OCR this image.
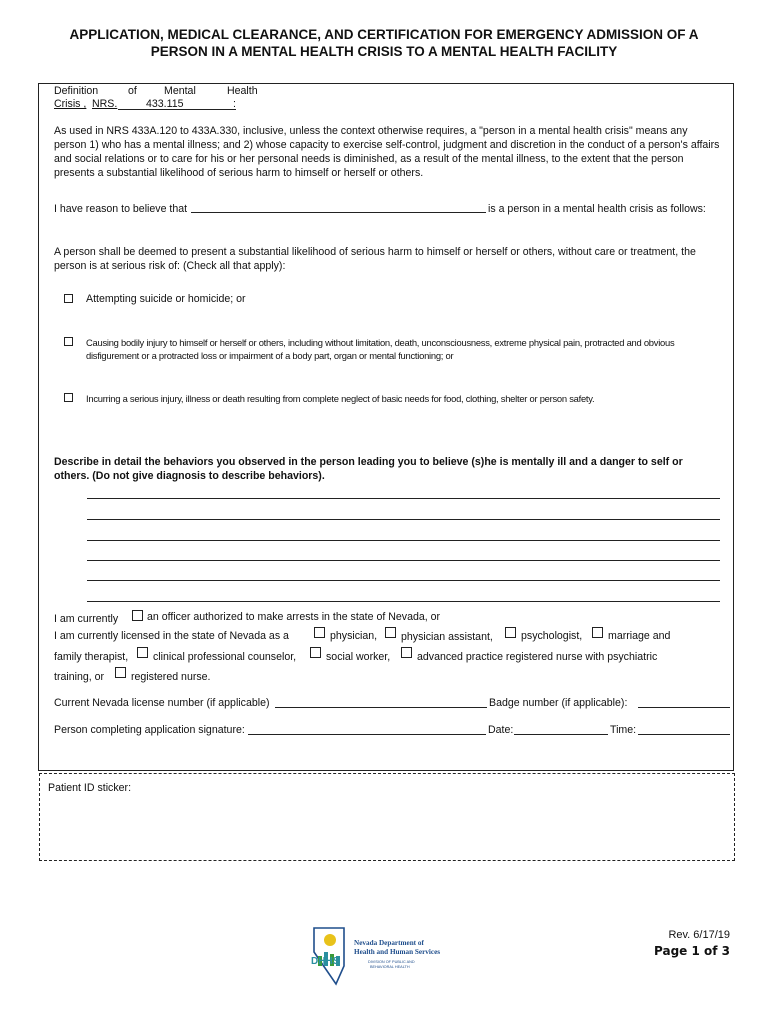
APPLICATION, MEDICAL CLEARANCE, AND CERTIFICATION FOR EMERGENCY ADMISSION OF A
PERSON IN A MENTAL HEALTH CRISIS TO A MENTAL HEALTH FACILITY
Definition	of	Mental	Health
Crisis , NRS.	433.115	:
As used in NRS 433A.120 to 433A.330, inclusive, unless the context otherwise requires, a "person in a mental health crisis" means any person 1) who has a mental illness; and 2) whose capacity to exercise self-control, judgment and discretion in the conduct of a person's affairs and social relations or to care for his or her personal needs is diminished, as a result of the mental illness, to the extent that the person presents a substantial likelihood of serious harm to himself or herself or others.
I have reason to believe that	is a person in a mental health crisis as follows:
A person shall be deemed to present a substantial likelihood of serious harm to himself or herself or others, without care or treatment, the person is at serious risk of: (Check all that apply):
Attempting suicide or homicide; or
Causing bodily injury to himself or herself or others, including without limitation, death, unconsciousness, extreme physical pain, protracted and obvious disfigurement or a protracted loss or impairment of a body part, organ or mental functioning; or
Incurring a serious injury, illness or death resulting from complete neglect of basic needs for food, clothing, shelter or person safety.
Describe in detail the behaviors you observed in the person leading you to believe (s)he is mentally ill and a danger to self or others. (Do not give diagnosis to describe behaviors).
I am currently	an officer authorized to make arrests in the state of Nevada, or
I am currently licensed in the state of Nevada as a	physician, physician assistant,	psychologist, marriage and
family therapist, clinical professional counselor,	social worker,	advanced practice registered nurse with psychiatric
training, or	registered nurse.
Current Nevada license number (if applicable)	Badge number (if applicable):
Person completing application signature:	Date:	Time:
Patient ID sticker:
DHHS
Nevada Department of
Health and Human Services
DIVISION OF PUBLIC AND
BEHAVIORAL HEALTH
Rev. 6/17/19
Page 1 of 3
